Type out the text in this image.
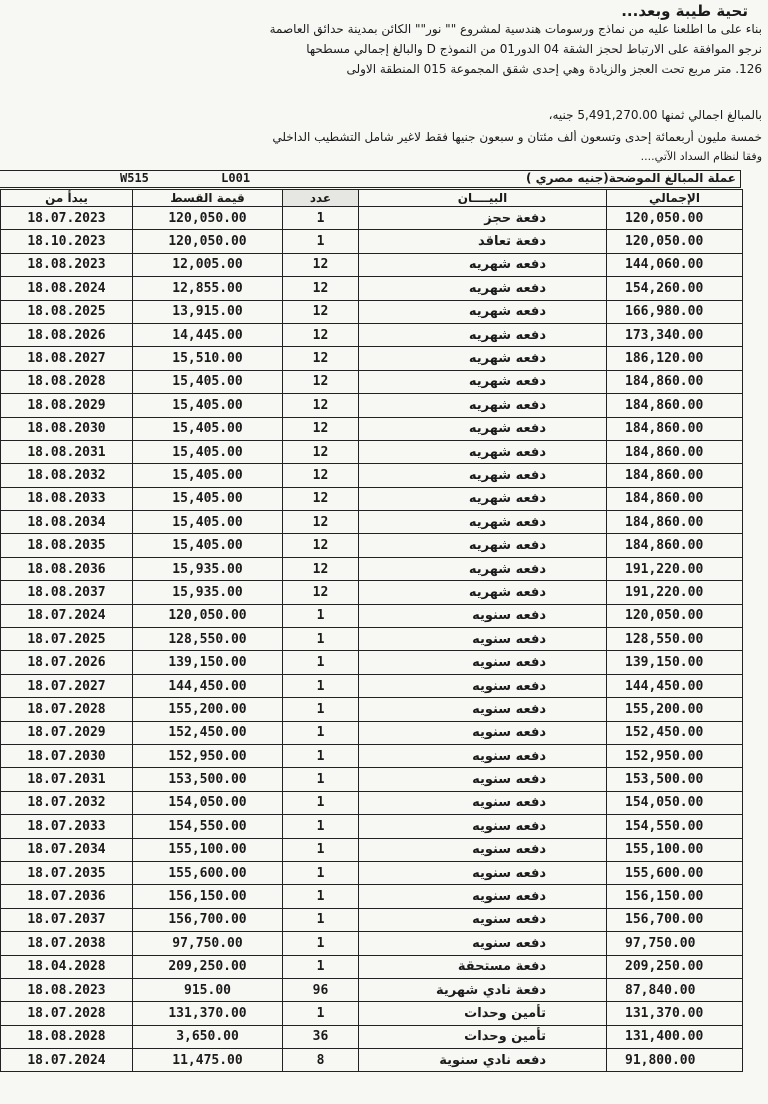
تحية طيبة وبعد...
بناء على ما اطلعنا عليه من نماذج ورسومات هندسية لمشروع "" نور"" الكائن بمدينة حدائق العاصمة
نرجو الموافقة على الارتباط لحجز الشقة 04 الدور01 من النموذج D والبالغ إجمالي مسطحها
126. متر مربع تحت العجز والزيادة وهي إحدى شقق المجموعة 015 المنطقة الاولى
بالمبالغ اجمالي ثمنها 5,491,270.00 جنيه،
خمسة مليون أربعمائة إحدى وتسعون ألف مئتان و سبعون جنيها فقط لاغير شامل التشطيب الداخلي
وفقا لنظام السداد الآتي....
W515	L001	عملة المبالغ الموضحة(جنيه مصري )
يبدأ من	قيمة القسط	عدد	البيــــان	الإجمالي
18.07.2023	120,050.00	1	دفعة حجز	120,050.00
18.10.2023	120,050.00	1	دفعة تعاقد	120,050.00
18.08.2023	12,005.00	12	دفعه شهريه	144,060.00
18.08.2024	12,855.00	12	دفعه شهريه	154,260.00
18.08.2025	13,915.00	12	دفعه شهريه	166,980.00
18.08.2026	14,445.00	12	دفعه شهريه	173,340.00
18.08.2027	15,510.00	12	دفعه شهريه	186,120.00
18.08.2028	15,405.00	12	دفعه شهريه	184,860.00
18.08.2029	15,405.00	12	دفعه شهريه	184,860.00
18.08.2030	15,405.00	12	دفعه شهريه	184,860.00
18.08.2031	15,405.00	12	دفعه شهريه	184,860.00
18.08.2032	15,405.00	12	دفعه شهريه	184,860.00
18.08.2033	15,405.00	12	دفعه شهريه	184,860.00
18.08.2034	15,405.00	12	دفعه شهريه	184,860.00
18.08.2035	15,405.00	12	دفعه شهريه	184,860.00
18.08.2036	15,935.00	12	دفعه شهريه	191,220.00
18.08.2037	15,935.00	12	دفعه شهريه	191,220.00
18.07.2024	120,050.00	1	دفعه سنويه	120,050.00
18.07.2025	128,550.00	1	دفعه سنويه	128,550.00
18.07.2026	139,150.00	1	دفعه سنويه	139,150.00
18.07.2027	144,450.00	1	دفعه سنويه	144,450.00
18.07.2028	155,200.00	1	دفعه سنويه	155,200.00
18.07.2029	152,450.00	1	دفعه سنويه	152,450.00
18.07.2030	152,950.00	1	دفعه سنويه	152,950.00
18.07.2031	153,500.00	1	دفعه سنويه	153,500.00
18.07.2032	154,050.00	1	دفعه سنويه	154,050.00
18.07.2033	154,550.00	1	دفعه سنويه	154,550.00
18.07.2034	155,100.00	1	دفعه سنويه	155,100.00
18.07.2035	155,600.00	1	دفعه سنويه	155,600.00
18.07.2036	156,150.00	1	دفعه سنويه	156,150.00
18.07.2037	156,700.00	1	دفعه سنويه	156,700.00
18.07.2038	97,750.00	1	دفعه سنويه	97,750.00
18.04.2028	209,250.00	1	دفعة مستحقة	209,250.00
18.08.2023	915.00	96	دفعة نادي شهرية	87,840.00
18.07.2028	131,370.00	1	تأمين وحدات	131,370.00
18.08.2028	3,650.00	36	تأمين وحدات	131,400.00
18.07.2024	11,475.00	8	دفعه نادي سنوية	91,800.00
